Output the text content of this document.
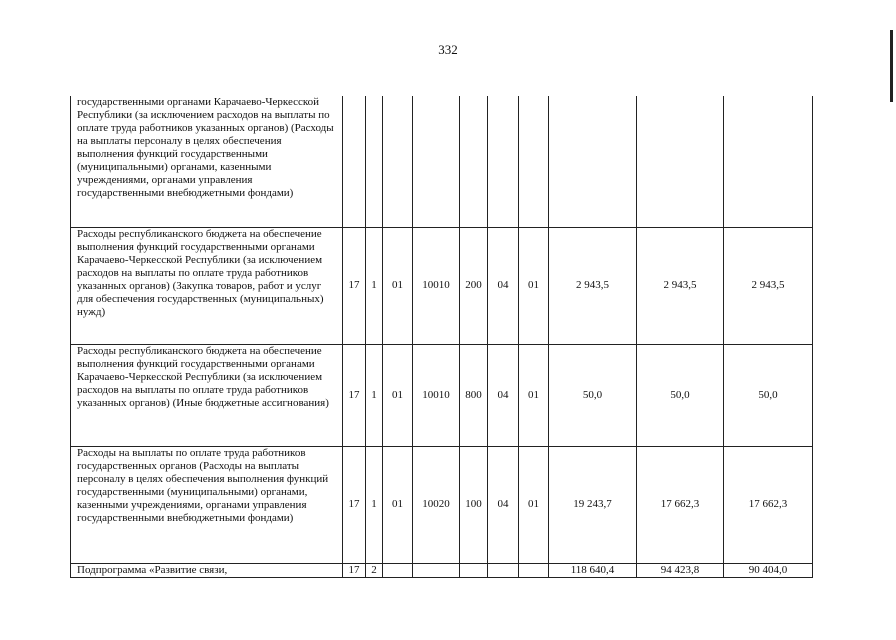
332
государственными органами Карачаево-Черкесской Республики (за исключением расходов на выплаты по оплате труда работников указанных органов) (Расходы на выплаты персоналу в целях обеспечения выполнения функций государственными (муниципальными) органами, казенными учреждениями, органами управления государственными внебюджетными фондами)										
Расходы республиканского бюджета на обеспечение выполнения функций государственными органами Карачаево-Черкесской Республики (за исключением расходов на выплаты по оплате труда работников указанных органов) (Закупка товаров, работ и услуг для обеспечения государственных (муниципальных) нужд)	17	1	01	10010	200	04	01	2 943,5	2 943,5	2 943,5
Расходы республиканского бюджета на обеспечение выполнения функций государственными органами Карачаево-Черкесской Республики (за исключением расходов на выплаты по оплате труда работников указанных органов) (Иные бюджетные ассигнования)	17	1	01	10010	800	04	01	50,0	50,0	50,0
Расходы на выплаты по оплате труда работников государственных органов (Расходы на выплаты персоналу в целях обеспечения выполнения функций государственными (муниципальными) органами, казенными учреждениями, органами управления государственными внебюджетными фондами)	17	1	01	10020	100	04	01	19 243,7	17 662,3	17 662,3
Подпрограмма «Развитие связи,	17	2						118 640,4	94 423,8	90 404,0
